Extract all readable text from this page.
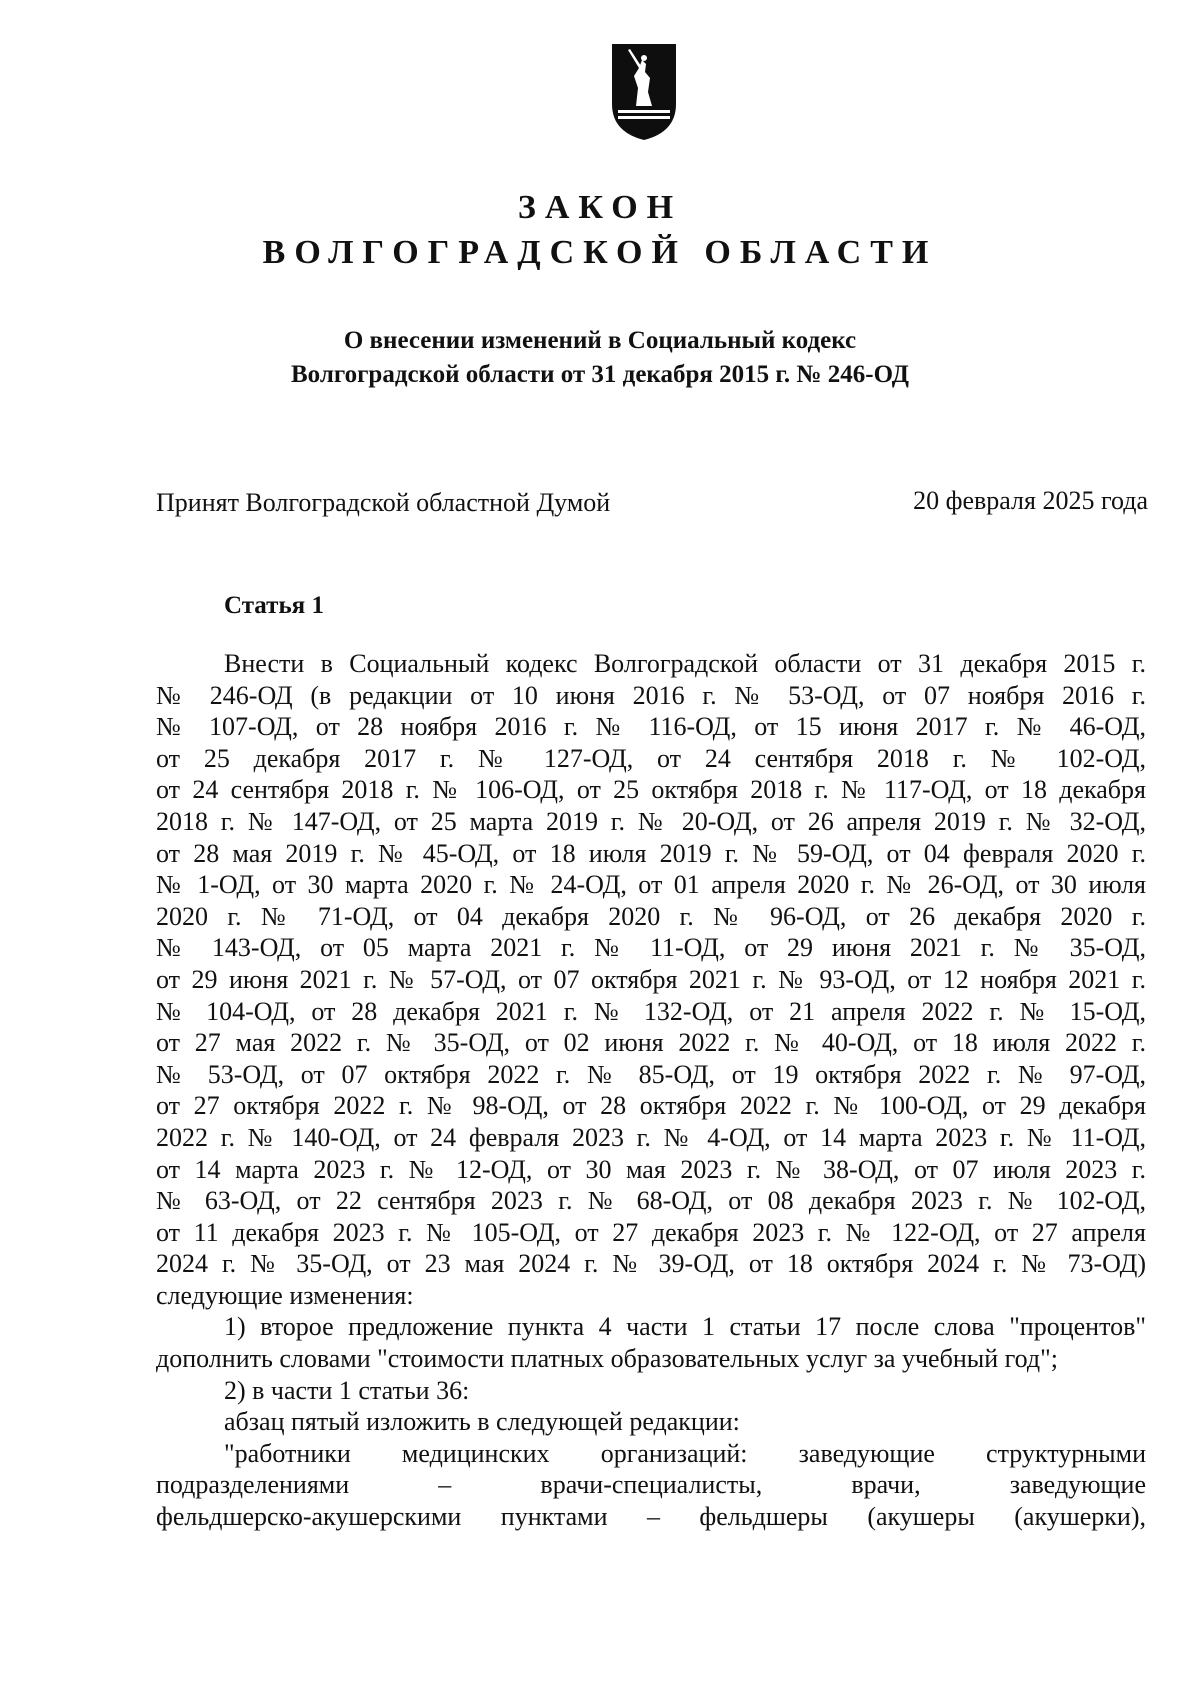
ЗАКОН
ВОЛГОГРАДСКОЙ ОБЛАСТИ
О внесении изменений в Социальный кодекс
Волгоградской области от 31 декабря 2015 г. № 246-ОД
Принят Волгоградской областной Думой	20 февраля 2025 года
Статья 1
Внести в Социальный кодекс Волгоградской области от 31 декабря 2015 г.
№ 246-ОД (в редакции от 10 июня 2016 г. № 53-ОД, от 07 ноября 2016 г.
№ 107-ОД, от 28 ноября 2016 г. № 116-ОД, от 15 июня 2017 г. № 46-ОД,
от 25 декабря 2017 г. № 127-ОД, от 24 сентября 2018 г. № 102-ОД,
от 24 сентября 2018 г. № 106-ОД, от 25 октября 2018 г. № 117-ОД, от 18 декабря
2018 г. № 147-ОД, от 25 марта 2019 г. № 20-ОД, от 26 апреля 2019 г. № 32-ОД,
от 28 мая 2019 г. № 45-ОД, от 18 июля 2019 г. № 59-ОД, от 04 февраля 2020 г.
№ 1-ОД, от 30 марта 2020 г. № 24-ОД, от 01 апреля 2020 г. № 26-ОД, от 30 июля
2020 г. № 71-ОД, от 04 декабря 2020 г. № 96-ОД, от 26 декабря 2020 г.
№ 143-ОД, от 05 марта 2021 г. № 11-ОД, от 29 июня 2021 г. № 35-ОД,
от 29 июня 2021 г. № 57-ОД, от 07 октября 2021 г. № 93-ОД, от 12 ноября 2021 г.
№ 104-ОД, от 28 декабря 2021 г. № 132-ОД, от 21 апреля 2022 г. № 15-ОД,
от 27 мая 2022 г. № 35-ОД, от 02 июня 2022 г. № 40-ОД, от 18 июля 2022 г.
№ 53-ОД, от 07 октября 2022 г. № 85-ОД, от 19 октября 2022 г. № 97-ОД,
от 27 октября 2022 г. № 98-ОД, от 28 октября 2022 г. № 100-ОД, от 29 декабря
2022 г. № 140-ОД, от 24 февраля 2023 г. № 4-ОД, от 14 марта 2023 г. № 11-ОД,
от 14 марта 2023 г. № 12-ОД, от 30 мая 2023 г. № 38-ОД, от 07 июля 2023 г.
№ 63-ОД, от 22 сентября 2023 г. № 68-ОД, от 08 декабря 2023 г. № 102-ОД,
от 11 декабря 2023 г. № 105-ОД, от 27 декабря 2023 г. № 122-ОД, от 27 апреля
2024 г. № 35-ОД, от 23 мая 2024 г. № 39-ОД, от 18 октября 2024 г. № 73-ОД)
следующие изменения:
1) второе предложение пункта 4 части 1 статьи 17 после слова "процентов"
дополнить словами "стоимости платных образовательных услуг за учебный год";
2) в части 1 статьи 36:
абзац пятый изложить в следующей редакции:
"работники медицинских организаций: заведующие структурными
подразделениями – врачи-специалисты, врачи, заведующие
фельдшерско-акушерскими пунктами – фельдшеры (акушеры (акушерки),
